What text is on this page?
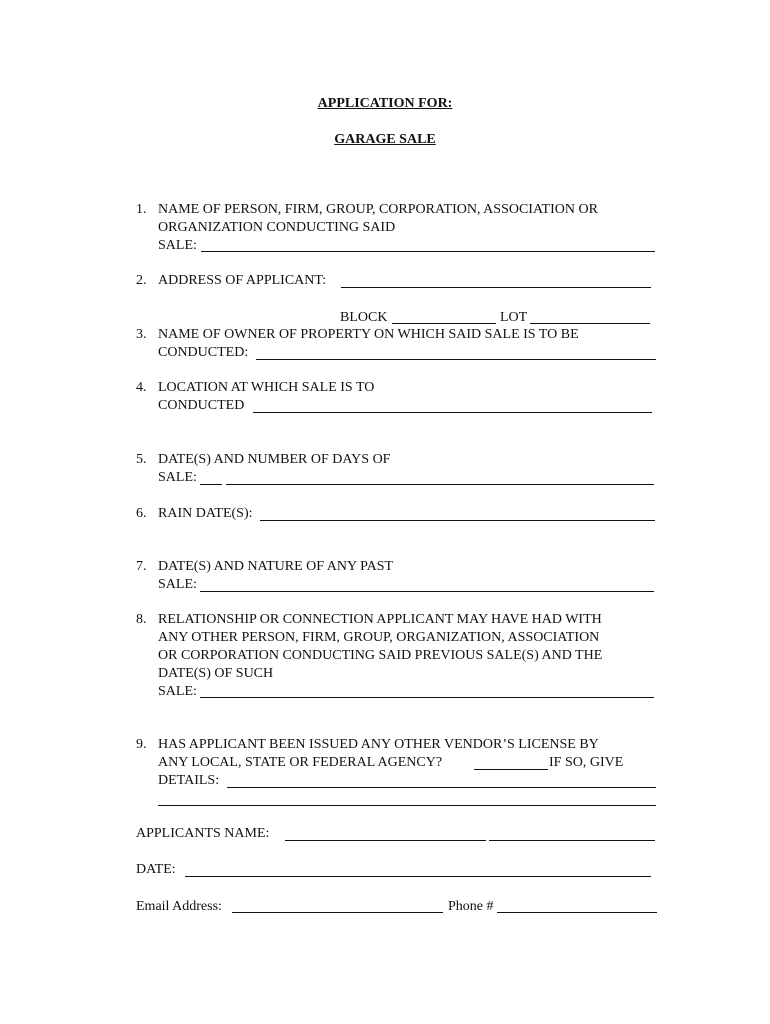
APPLICATION FOR:
GARAGE SALE
1. NAME OF PERSON, FIRM, GROUP, CORPORATION, ASSOCIATION OR
ORGANIZATION CONDUCTING SAID
SALE:
2. ADDRESS OF APPLICANT:
BLOCK	LOT
3. NAME OF OWNER OF PROPERTY ON WHICH SAID SALE IS TO BE
CONDUCTED:
4. LOCATION AT WHICH SALE IS TO
CONDUCTED
5. DATE(S) AND NUMBER OF DAYS OF
SALE:
6. RAIN DATE(S):
7. DATE(S) AND NATURE OF ANY PAST
SALE:
8. RELATIONSHIP OR CONNECTION APPLICANT MAY HAVE HAD WITH
ANY OTHER PERSON, FIRM, GROUP, ORGANIZATION, ASSOCIATION
OR CORPORATION CONDUCTING SAID PREVIOUS SALE(S) AND THE
DATE(S) OF SUCH
SALE:
9. HAS APPLICANT BEEN ISSUED ANY OTHER VENDOR’S LICENSE BY
ANY LOCAL, STATE OR FEDERAL AGENCY?	IF SO, GIVE
DETAILS:
APPLICANTS NAME:
DATE:
Email Address:	Phone #
